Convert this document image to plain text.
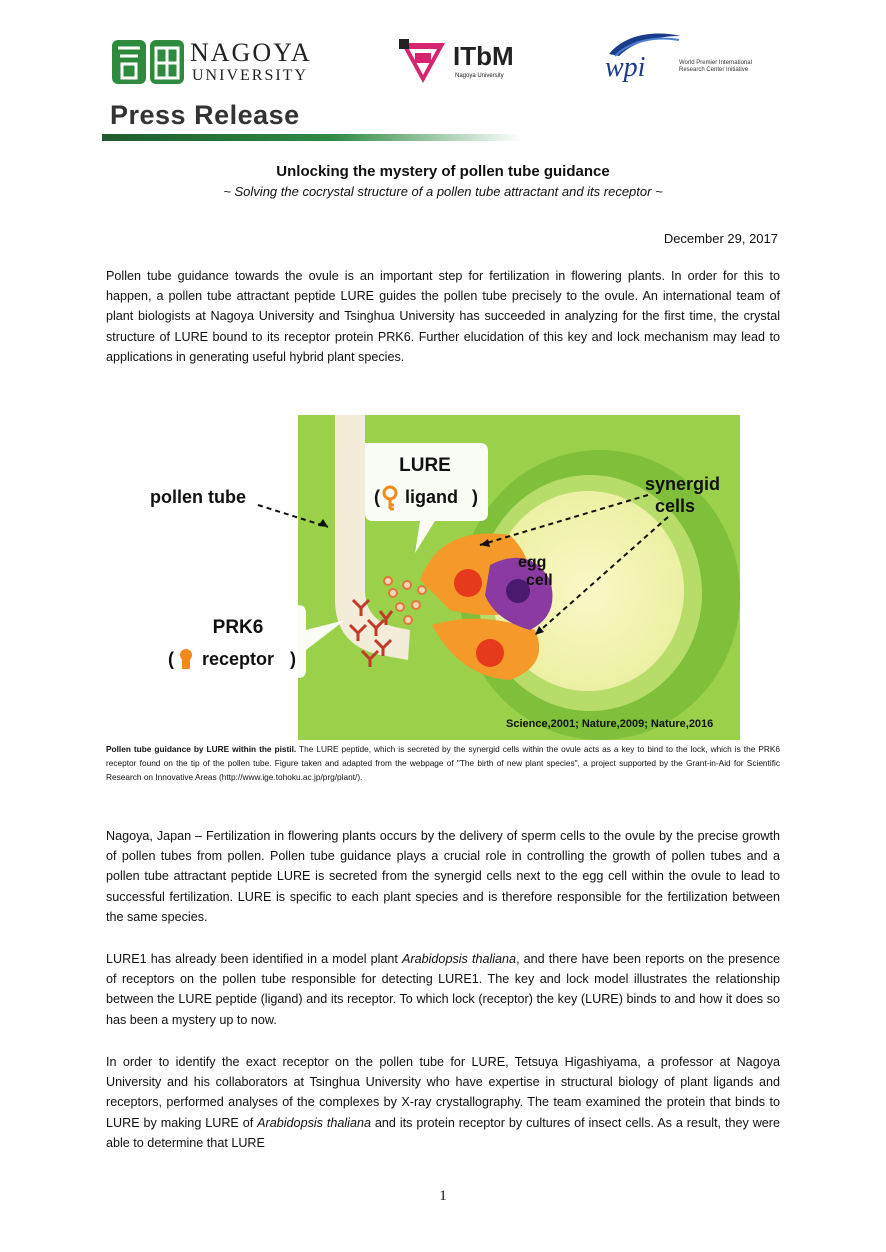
NAGOYA
UNIVERSITY
ITbM
Nagoya University	wpi	World Premier International Research Center Initiative
Press Release
Unlocking the mystery of pollen tube guidance
~ Solving the cocrystal structure of a pollen tube attractant and its receptor ~
December 29, 2017

Pollen tube guidance towards the ovule is an important step for fertilization in flowering plants. In order for this to happen, a pollen tube attractant peptide LURE guides the pollen tube precisely to the ovule. An international team of plant biologists at Nagoya University and Tsinghua University has succeeded in analyzing for the first time, the crystal structure of LURE bound to its receptor protein PRK6. Further elucidation of this key and lock mechanism may lead to applications in generating useful hybrid plant species.

LURE
( ligand )
PRK6
( receptor )
pollen tube
synergid
cells
egg
cell
Science,2001; Nature,2009; Nature,2016

Pollen tube guidance by LURE within the pistil. The LURE peptide, which is secreted by the synergid cells within the ovule acts as a key to bind to the lock, which is the PRK6 receptor found on the tip of the pollen tube. Figure taken and adapted from the webpage of "The birth of new plant species", a project supported by the Grant-in-Aid for Scientific Research on Innovative Areas (http://www.ige.tohoku.ac.jp/prg/plant/).

Nagoya, Japan – Fertilization in flowering plants occurs by the delivery of sperm cells to the ovule by the precise growth of pollen tubes from pollen. Pollen tube guidance plays a crucial role in controlling the growth of pollen tubes and a pollen tube attractant peptide LURE is secreted from the synergid cells next to the egg cell within the ovule to lead to successful fertilization. LURE is specific to each plant species and is therefore responsible for the fertilization between the same species.

LURE1 has already been identified in a model plant Arabidopsis thaliana, and there have been reports on the presence of receptors on the pollen tube responsible for detecting LURE1. The key and lock model illustrates the relationship between the LURE peptide (ligand) and its receptor. To which lock (receptor) the key (LURE) binds to and how it does so has been a mystery up to now.

In order to identify the exact receptor on the pollen tube for LURE, Tetsuya Higashiyama, a professor at Nagoya University and his collaborators at Tsinghua University who have expertise in structural biology of plant ligands and receptors, performed analyses of the complexes by X-ray crystallography. The team examined the protein that binds to LURE by making LURE of Arabidopsis thaliana and its protein receptor by cultures of insect cells. As a result, they were able to determine that LURE

1
